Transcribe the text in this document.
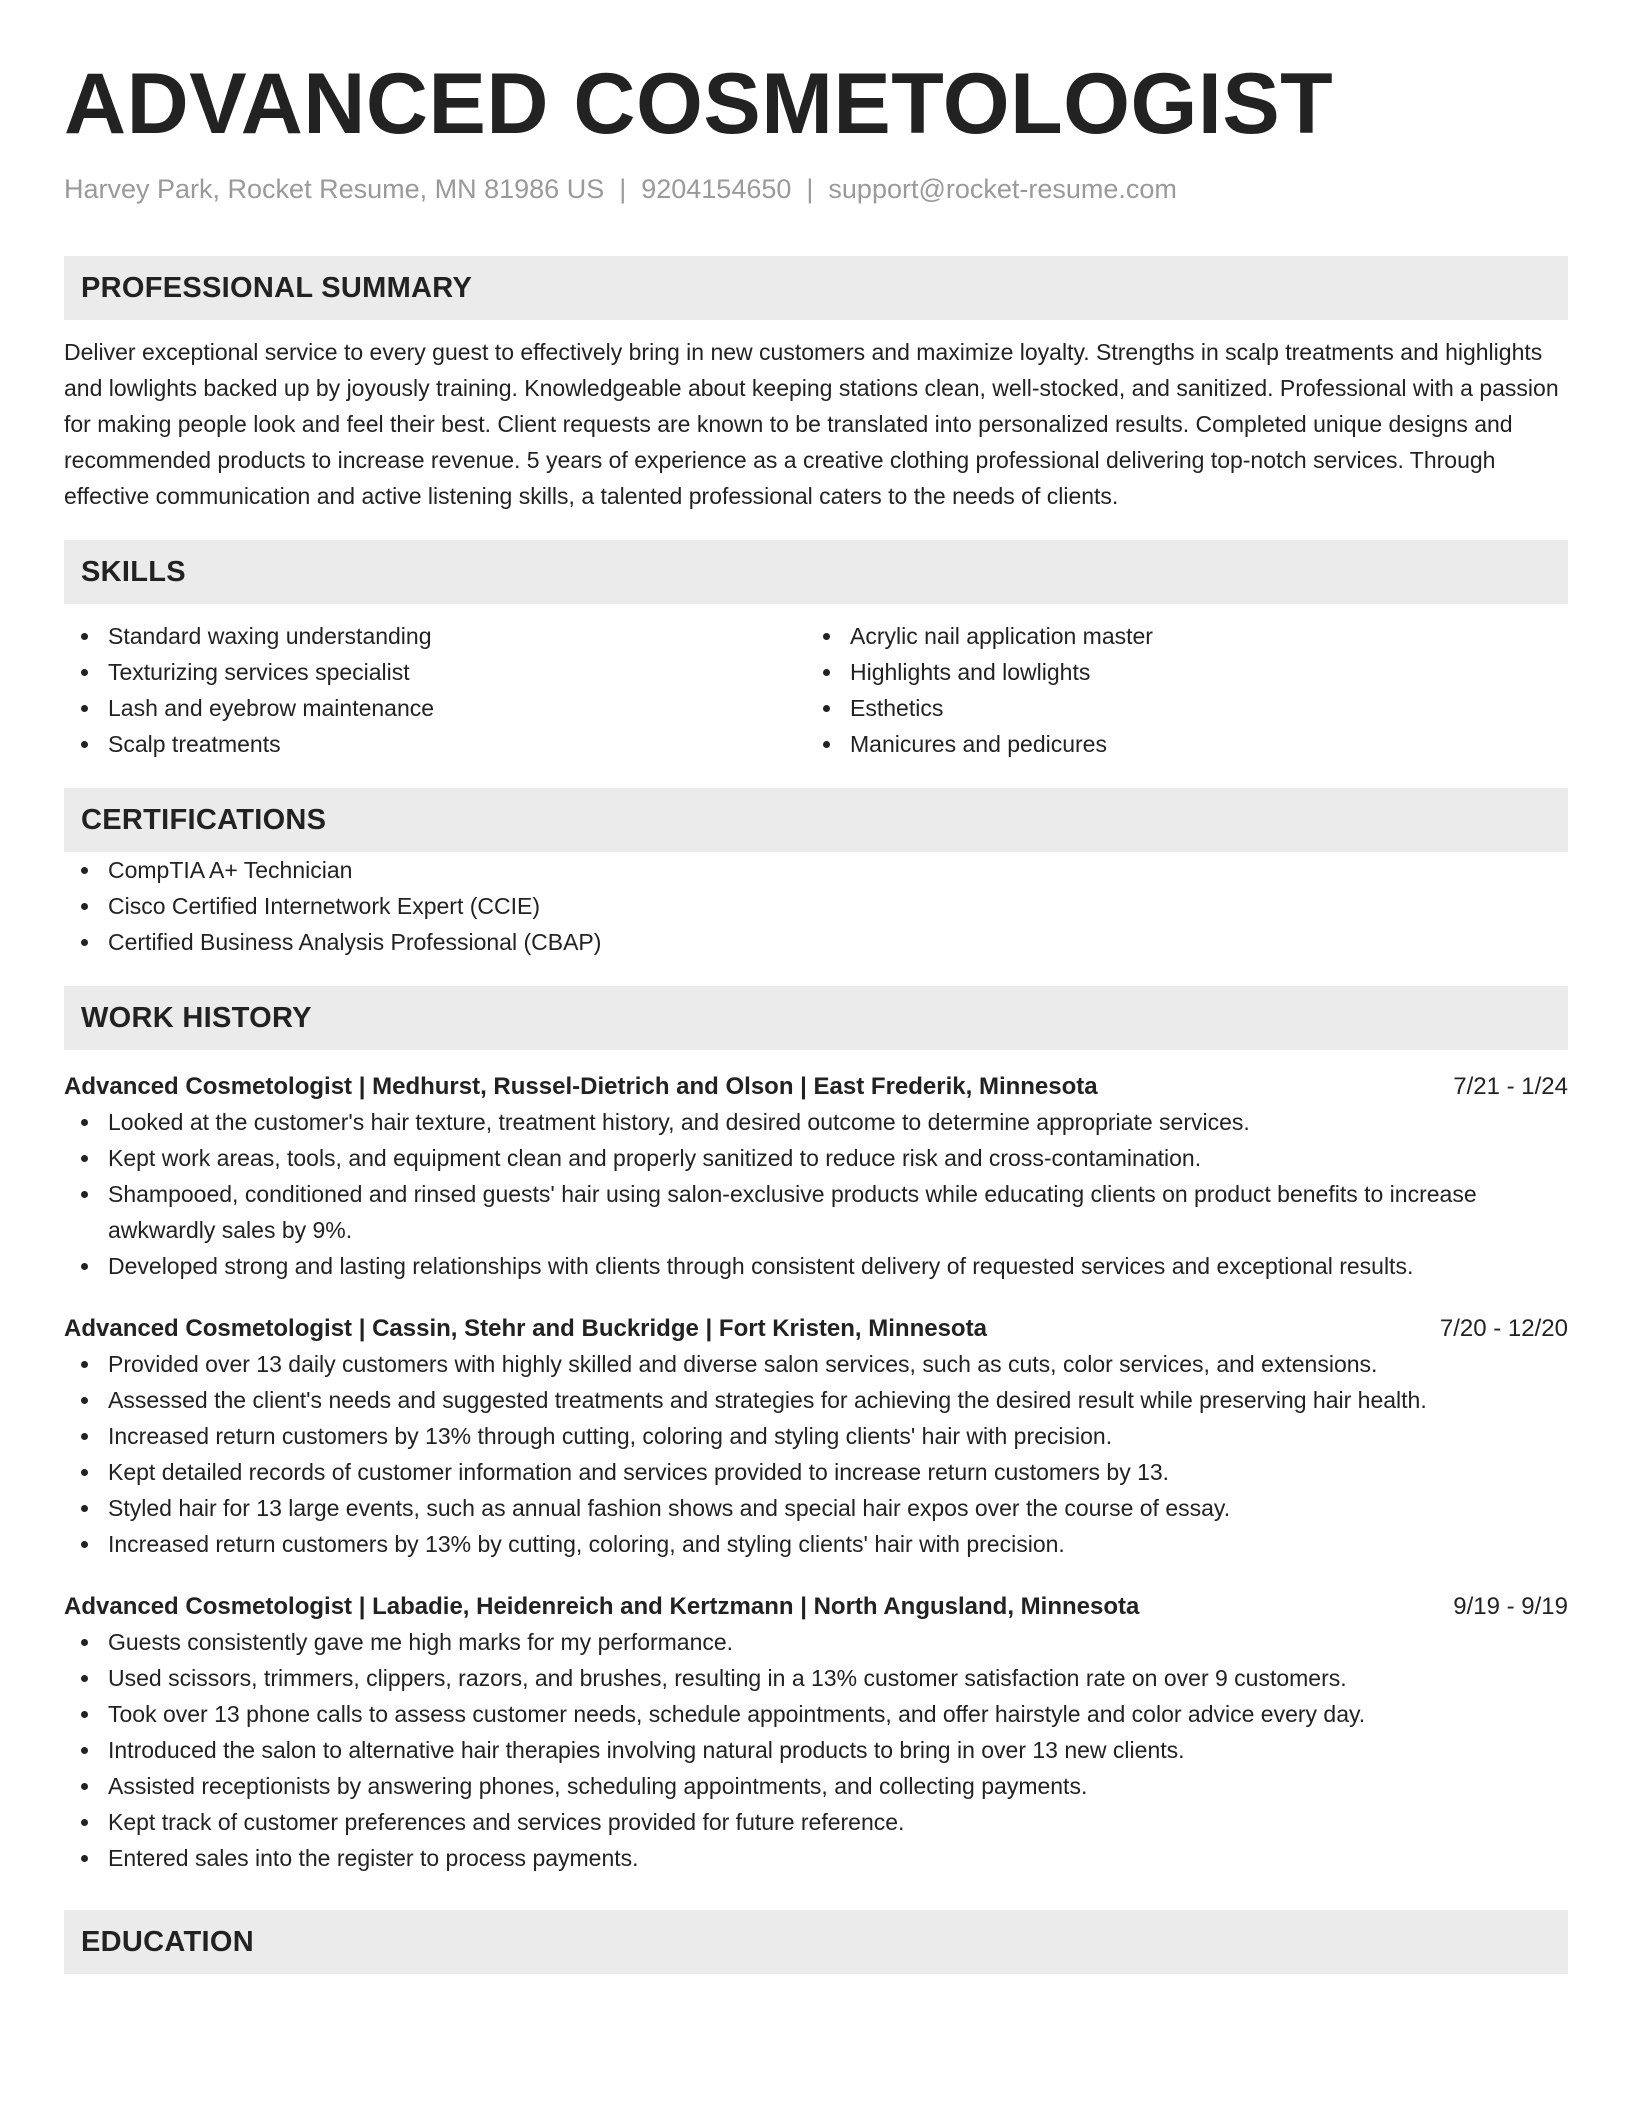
ADVANCED COSMETOLOGIST
Harvey Park, Rocket Resume, MN 81986 US | 9204154650 | support@rocket-resume.com
PROFESSIONAL SUMMARY
Deliver exceptional service to every guest to effectively bring in new customers and maximize loyalty. Strengths in scalp treatments and highlights and lowlights backed up by joyously training. Knowledgeable about keeping stations clean, well-stocked, and sanitized. Professional with a passion for making people look and feel their best. Client requests are known to be translated into personalized results. Completed unique designs and recommended products to increase revenue. 5 years of experience as a creative clothing professional delivering top-notch services. Through effective communication and active listening skills, a talented professional caters to the needs of clients.
SKILLS
Standard waxing understanding
Texturizing services specialist
Lash and eyebrow maintenance
Scalp treatments
Acrylic nail application master
Highlights and lowlights
Esthetics
Manicures and pedicures
CERTIFICATIONS
CompTIA A+ Technician
Cisco Certified Internetwork Expert (CCIE)
Certified Business Analysis Professional (CBAP)
WORK HISTORY
Advanced Cosmetologist | Medhurst, Russel-Dietrich and Olson | East Frederik, Minnesota	7/21 - 1/24
Looked at the customer's hair texture, treatment history, and desired outcome to determine appropriate services.
Kept work areas, tools, and equipment clean and properly sanitized to reduce risk and cross-contamination.
Shampooed, conditioned and rinsed guests' hair using salon-exclusive products while educating clients on product benefits to increase awkwardly sales by 9%.
Developed strong and lasting relationships with clients through consistent delivery of requested services and exceptional results.
Advanced Cosmetologist | Cassin, Stehr and Buckridge | Fort Kristen, Minnesota	7/20 - 12/20
Provided over 13 daily customers with highly skilled and diverse salon services, such as cuts, color services, and extensions.
Assessed the client's needs and suggested treatments and strategies for achieving the desired result while preserving hair health.
Increased return customers by 13% through cutting, coloring and styling clients' hair with precision.
Kept detailed records of customer information and services provided to increase return customers by 13.
Styled hair for 13 large events, such as annual fashion shows and special hair expos over the course of essay.
Increased return customers by 13% by cutting, coloring, and styling clients' hair with precision.
Advanced Cosmetologist | Labadie, Heidenreich and Kertzmann | North Angusland, Minnesota	9/19 - 9/19
Guests consistently gave me high marks for my performance.
Used scissors, trimmers, clippers, razors, and brushes, resulting in a 13% customer satisfaction rate on over 9 customers.
Took over 13 phone calls to assess customer needs, schedule appointments, and offer hairstyle and color advice every day.
Introduced the salon to alternative hair therapies involving natural products to bring in over 13 new clients.
Assisted receptionists by answering phones, scheduling appointments, and collecting payments.
Kept track of customer preferences and services provided for future reference.
Entered sales into the register to process payments.
EDUCATION
